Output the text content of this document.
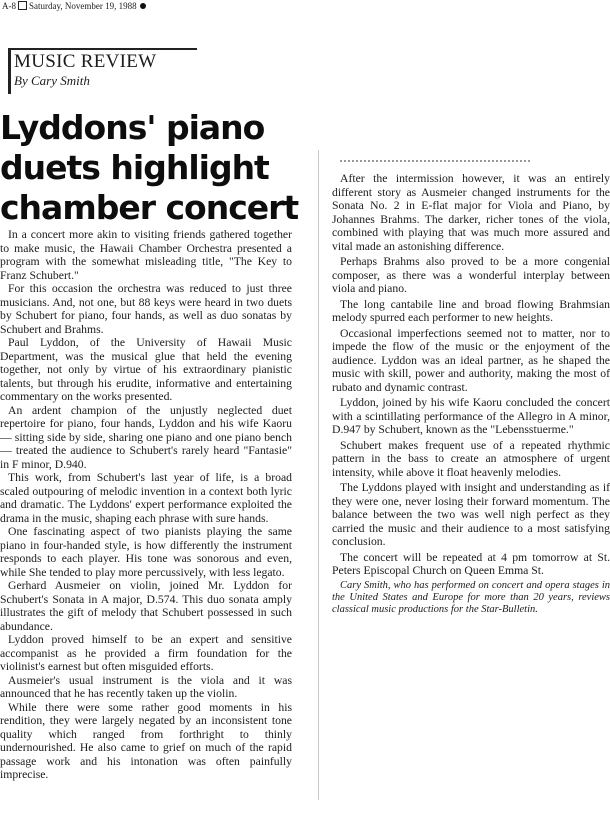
A-8 Saturday, November 19, 1988
MUSIC REVIEW
By Cary Smith
Lyddons' piano
duets highlight
chamber concert

In a concert more akin to visiting friends gathered together to make music, the Hawaii Chamber Orchestra presented a program with the somewhat misleading title, "The Key to Franz Schubert."

For this occasion the orchestra was reduced to just three musicians. And, not one, but 88 keys were heard in two duets by Schubert for piano, four hands, as well as duo sonatas by Schubert and Brahms.

Paul Lyddon, of the University of Hawaii Music Department, was the musical glue that held the evening together, not only by virtue of his extraordinary pianistic talents, but through his erudite, informative and entertaining commentary on the works presented.

An ardent champion of the unjustly neglected duet repertoire for piano, four hands, Lyddon and his wife Kaoru — sitting side by side, sharing one piano and one piano bench — treated the audience to Schubert's rarely heard "Fantasie" in F minor, D.940.

This work, from Schubert's last year of life, is a broad scaled outpouring of melodic invention in a context both lyric and dramatic. The Lyddons' expert performance exploited the drama in the music, shaping each phrase with sure hands.

One fascinating aspect of two pianists playing the same piano in four-handed style, is how differently the instrument responds to each player. His tone was sonorous and even, while She tended to play more percussively, with less legato.

Gerhard Ausmeier on violin, joined Mr. Lyddon for Schubert's Sonata in A major, D.574. This duo sonata amply illustrates the gift of melody that Schubert possessed in such abundance.

Lyddon proved himself to be an expert and sensitive accompanist as he provided a firm foundation for the violinist's earnest but often misguided efforts.

Ausmeier's usual instrument is the viola and it was announced that he has recently taken up the violin.

While there were some rather good moments in his rendition, they were largely negated by an inconsistent tone quality which ranged from forthright to thinly undernourished. He also came to grief on much of the rapid passage work and his intonation was often painfully imprecise.

After the intermission however, it was an entirely different story as Ausmeier changed instruments for the Sonata No. 2 in E-flat major for Viola and Piano, by Johannes Brahms. The darker, richer tones of the viola, combined with playing that was much more assured and vital made an astonishing difference.

Perhaps Brahms also proved to be a more congenial composer, as there was a wonderful interplay between viola and piano.

The long cantabile line and broad flowing Brahmsian melody spurred each performer to new heights.

Occasional imperfections seemed not to matter, nor to impede the flow of the music or the enjoyment of the audience. Lyddon was an ideal partner, as he shaped the music with skill, power and authority, making the most of rubato and dynamic contrast.

Lyddon, joined by his wife Kaoru concluded the concert with a scintillating performance of the Allegro in A minor, D.947 by Schubert, known as the "Lebensstuerme."

Schubert makes frequent use of a repeated rhythmic pattern in the bass to create an atmosphere of urgent intensity, while above it float heavenly melodies.

The Lyddons played with insight and understanding as if they were one, never losing their forward momentum. The balance between the two was well nigh perfect as they carried the music and their audience to a most satisfying conclusion.

The concert will be repeated at 4 pm tomorrow at St. Peters Episcopal Church on Queen Emma St.

Cary Smith, who has performed on concert and opera stages in the United States and Europe for more than 20 years, reviews classical music productions for the Star-Bulletin.
